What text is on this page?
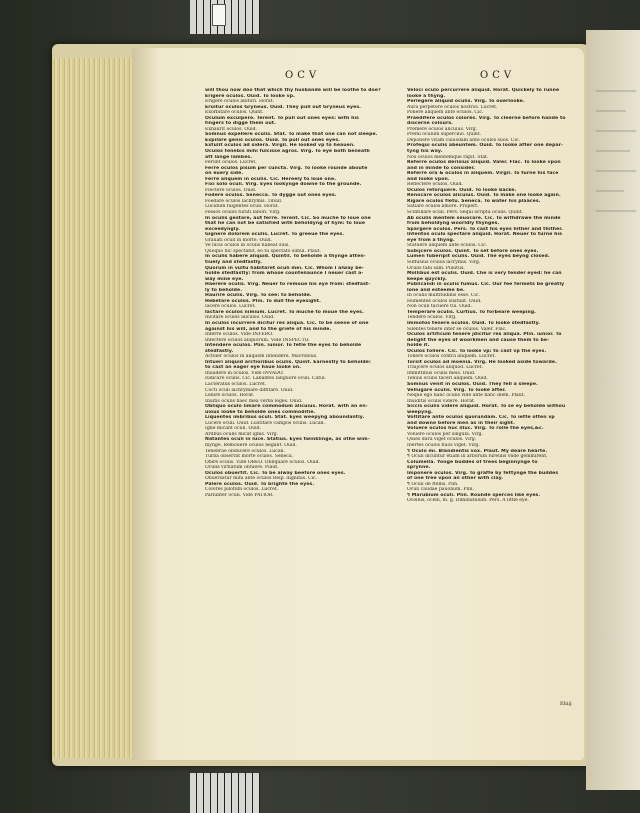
OCV	OCV

will thou now doo that which thy husbande will be loothe to doe?

Erigere oculos. Ouid. To looke vp.

Erigere oculos abituri. Horat.

Eruitur oculos Gryneus. Ouid. They pull out Gryneus eyes.

Exorbitare oculos. Quint.

Oculum exculpere. Terent. To pull out ones eyes: with his

fingers to digge them out.

Exhaurit oculos. Ouid.

Somnus expellere oculis. Stat. To make that one can not sleepe.

Expilare genis oculos. Ouid. To pull out ones eyes.

Extulit oculos ad sidera. Virgil. He looked vp to heauen.

Oculos tenebis mihi fulcisse agros. Virg. To eye both beneath

att lange lambes.

Ferunt oculos. Lucret.

Ferre oculos pisum per cuncta. Virg. To looke rounde aboute

on euery side.

Ferre aliquem in oculis. Cic. Hereely to loue one.

Fixi solo oculi. Virg. Eyes lookynge downe to the grounde.

Flectere oculos. Ouid.

Fodere oculos. Senecca. To dygge out ones eyes.

Foedare oculos lachrymis. Tibull.

Lucidum fulgentes oculi. Horat.

Fessos oculos furati labori. Virg.

In oculis gestare, aut ferre. Terent. Cic. So muche to loue one

that he can not be satisfied with beholdyng of hym: to loue

exceedyngly.

Gignere dolorem oculis. Lucret. To greeue the eyes.

Grauati oculi in morte. Ouid.

Ve lucis oculos in oculis habeat suis.

Quoquo hic spectabit, eo tu spectato simul. Plaut.

In oculis habere aliquid. Quintil. To beholde a thynge atten-

tiuely and stedfastly.

Quorum in vultu habitaret oculi mei. Cic. Whom I alway be-

holde stedfastly: from whose countenaunce I neuer cast a-

way mine eye.

Haerere oculis. Virg. Neuer to remoue his eye from: stedfast-

ly to beholde.

Haurire oculis. Virg. To see: to beholde.

Hebetare oculos. Plin. To dull the eyesight.

Iacere oculos. Lucret.

Iactare oculos nimium. Lucret. To muche to moue the eyes.

Incitare oculos alicuius. Ouid.

In oculos incurrere dicitur res aliqua. Cic. To be seene of one

against his will, and to the griefe of his minde.

Inferre oculos. Vide INFERO.

Infectere oculos aliquorum. Vide INSPECTO.

Intendere oculos. Plin. iunior. To fetle the eyes to beholde

stedfastly.

Actiuer oculos in aliquem intendere. Macrobius.

Intueri aliquid arctioribus oculis. Quint. Earnestly to beholde:

to cast an eager eye haue looke on.

Inuadere in oculos. Vide INVADO.

Iudicare oculis. Cic. Labantes languore oculi. Catul.

Lacteratus oculos. Lucret.

Cocti oculi lachrymare diffitare. Ouid.

Lenire oculos. Horat.

Inuitis oculis haec mea verba leges. Ouid.

Obliquo oculo limare commodum alicuius. Horat. with an en-

uious looke to beholde ones commoditie.

Liquentes imbribus oculi. Stat. Eyes weepyng aboundantly.

Lucere oculi. Ouid. Lustitare campos oculis. Lucan.

Igne micant oculi. Ouid.

Ardbus oculis micat ignis. Virg.

Natantes oculi in luce. Statius. Eyes twinklinge, as othe wim-

mynge. Remouere oculos negant. Ouid.

Tenebrae obducere oculos. Lucan.

Turba obserrat morte oculos. Seneca.

Obire oculis. Vide OBEO. Obliquare oculos. Ouid.

Oculis virtiatum obtuere. Plaut.

Oculos obuertit. Cic. To be alway beefore ones eyes.

Obuersatur mihi ante oculos Reip. dignitas. Cic.

Palere oculos. Ouid. To brighte the eyes.

Colores pilotum oculos. Lucret.

Pariunter oculi. Vide PATIOR.

Veloci oculo percurrere aliquid. Horat. Quickely to runne

looke a thyng.

Perlegere aliquid oculis. Virg. To ouerlooke.

Aura perpetere oculos nostros. Lucret.

Ponere aliquem ante oculos. Cic.

Praedifere oculos colores. Virg. To cleerne before hande to

discerne colours.

Premere oculos alicuius. Virg.

Premi oculum supercilio. Quint.

Deponere vitam cuiusdam ante oculos suos. Cic.

Profequi oculis abeuntem. Ouid. To looke after one depar-

tyng his way.

Nox oculos mentémque rapit. Stat.

Referre oculos derisius aliquid. Valer. Flac. To looke vpon

and in minde to consider.

Referre ora & oculos in aliquem. Virgil. To turne his face

and looke vpon.

Reflectere oculos. Ouid.

Oculos retorquere. Ouid. To looke backe.

Renocare oculos alicuius. Ouid. To make one looke again.

Rigare oculos fletu. Seneca. To water his plaaces.

Satiare oculos amore. Propert.

Scintillare oculi. Pers. Sequi scripta oculis. Quint.

Ab oculis mentem seuocare. Cic. To withdrawe the minde

from beholdyng woorldly thynges.

Spargere oculos. Pers. To cast his eyes hither and thither.

Intentos oculo spectare aliquid. Horat. Neuer to turne his

eye from a thyng.

Statuere aliquem ante oculos. Cic.

Subijcere oculos. Quint. To set before ones eyes.

Lumen fuberipit oculis. Ouid. The eyes beyng closed.

Suffusius oculos lacrymis. Virg.

Oculis tabi sam. Plautus.

Mollibus est oculis. Ouid. Che is very tender eyed: he can

keepe quyckly.

Publicandi in oculis fumus. Cic. Our fee fermets be greatly

lone and esteeme be.

In oculis multitudinis esse. Cic.

Humentes oculos sustulit. Ouid.

Non oculi tacuere tui. Ouid.

Temperare oculis. Curtius. To forbeare weeping.

Tendere oculos. Virg.

Immotos tenere oculos. Ouid. To looke stedfastly.

Silentes tenere inter se oculos. Valer. Flac.

Oculos artificum tenere jdicitur res aliqua. Plin. iunior. To

delight the eyes of woorkmen and cause them to be-

holde it.

Oculos tollere. Cic. To looke vp: to cast vp the eyes.

Tollere oculos contra aliquem. Lucret.

Torsit oculos ad moenia. Virg. He looked aside towarde.

Traijcere oculos aliquod. Lucret.

Immittibus oculis meis. Ouid.

Tenuis oculis taceri aliquem. Ouid.

Somnus venit in oculos. Ouid. They fell a sleepe.

Vellugare oculis. Virg. To looke after.

Neque ego hanc oculis vide ante hanc diem. Plaut.

Inuiditis oculis videre. Horat.

Siccis oculis videre aliquid. Horat. To se ey beholde withou

weepyng.

Voltitare ante oculos quorundam. Cic. To iette often vp

and downe before men as in their sight.

Voluere oculos huc illuc. Virg. To rolle the eyes,&c.

Voluere oculos per singula. Virg.

Quies dura viget oculos. Virg.

Inertes oculos fluos viget. Virg.

¶ Oculo mi. Blandientis vox. Plaut. My deare hearte.

¶ Oculi dicuntur etiam in arborum fureulis vnde gemmirent.

Columella. Yonge buddes of trees beginnynge to

sprynne.

Imponere oculos. Virg. To graffe by fettynge the buddes

of one tree vpon an other with clay.

¶ Oculi de ftellis. Plin.

Oculi caudae pauonum. Plin.

¶ Marubium oculi. Plin. Rounde sperces like eyes.

Ocellus, ocelli, m. g. Diminutiuum. Pers. A little eye.

Ehiij
